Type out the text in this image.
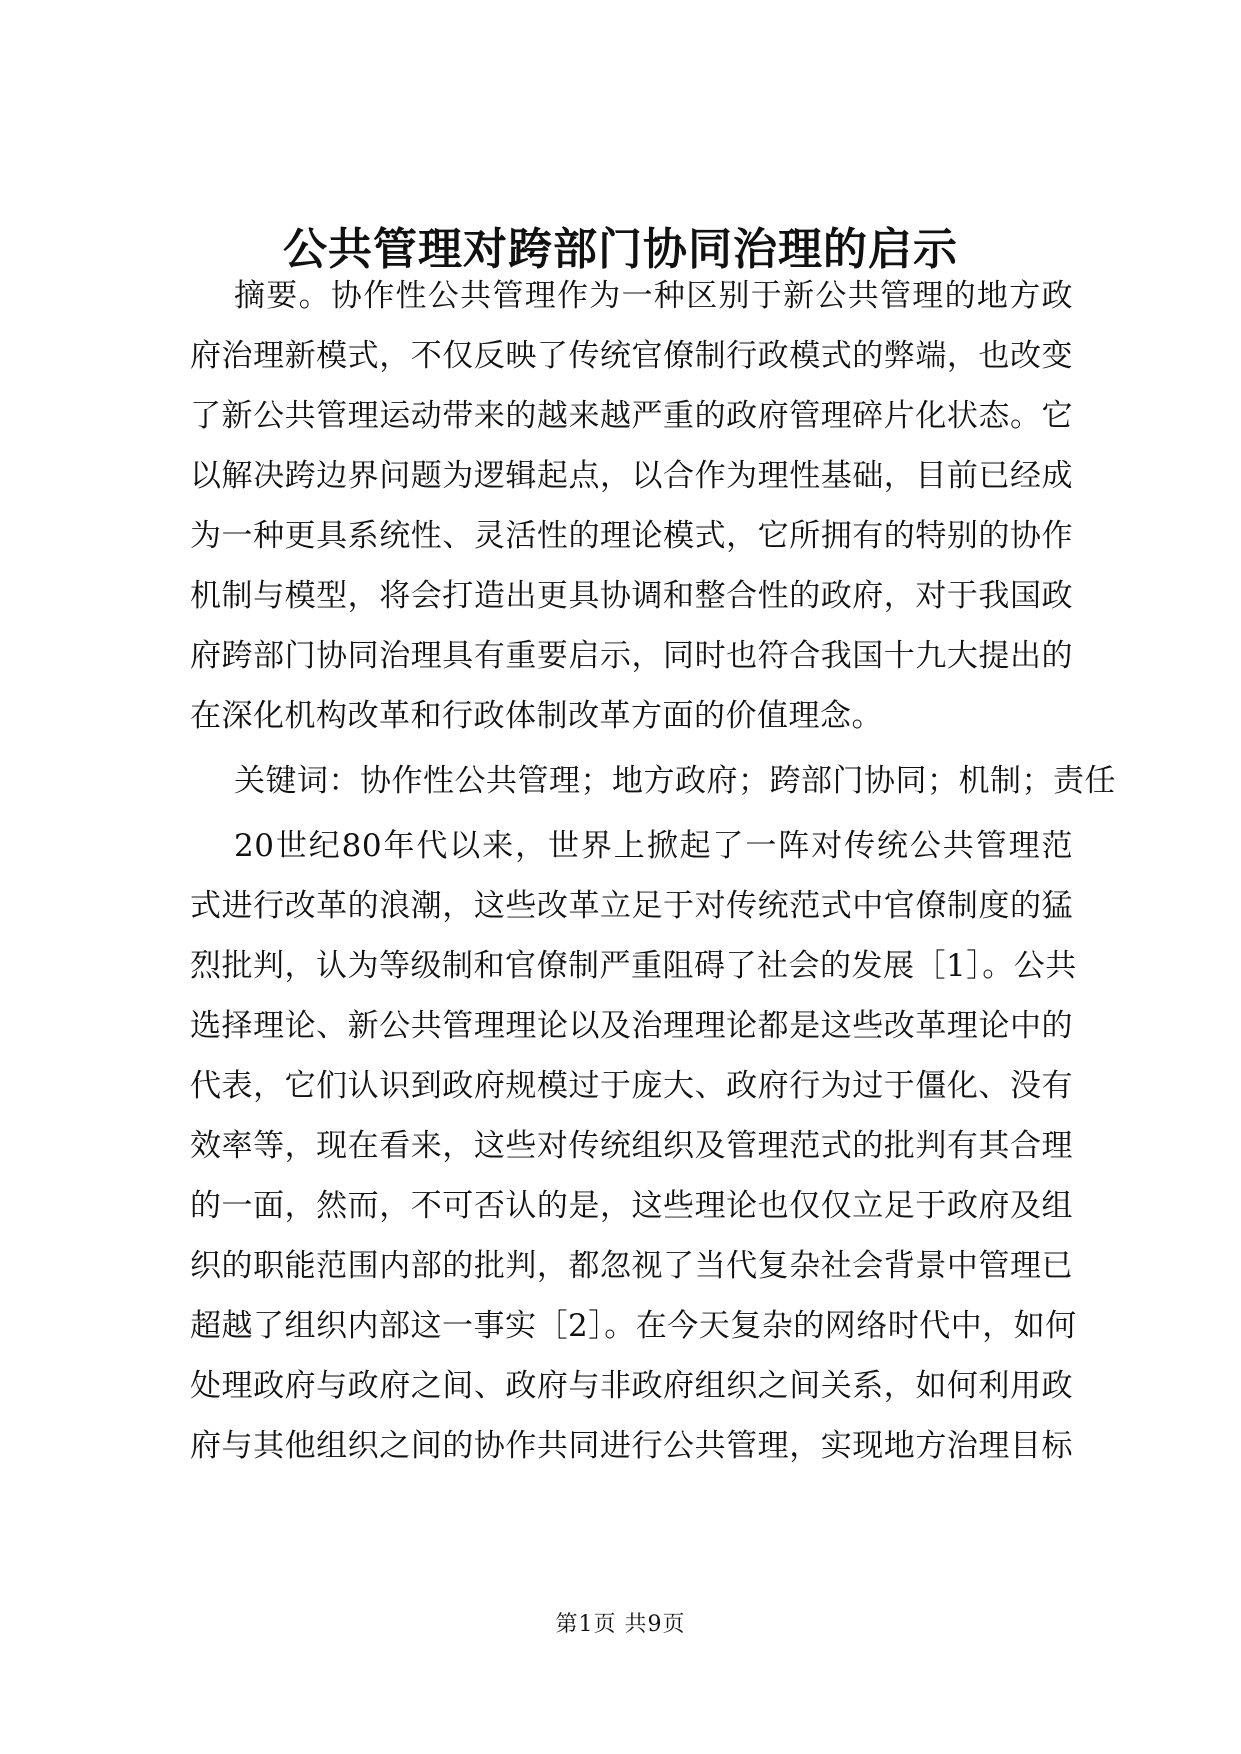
公共管理对跨部门协同治理的启示
摘要。协作性公共管理作为一种区别于新公共管理的地方政
府治理新模式，不仅反映了传统官僚制行政模式的弊端，也改变
了新公共管理运动带来的越来越严重的政府管理碎片化状态。它
以解决跨边界问题为逻辑起点，以合作为理性基础，目前已经成
为一种更具系统性、灵活性的理论模式，它所拥有的特别的协作
机制与模型，将会打造出更具协调和整合性的政府，对于我国政
府跨部门协同治理具有重要启示，同时也符合我国十九大提出的
在深化机构改革和行政体制改革方面的价值理念。
关键词：协作性公共管理；地方政府；跨部门协同；机制；责任
20世纪80年代以来，世界上掀起了一阵对传统公共管理范
式进行改革的浪潮，这些改革立足于对传统范式中官僚制度的猛
烈批判，认为等级制和官僚制严重阻碍了社会的发展［1］。公共
选择理论、新公共管理理论以及治理理论都是这些改革理论中的
代表，它们认识到政府规模过于庞大、政府行为过于僵化、没有
效率等，现在看来，这些对传统组织及管理范式的批判有其合理
的一面，然而，不可否认的是，这些理论也仅仅立足于政府及组
织的职能范围内部的批判，都忽视了当代复杂社会背景中管理已
超越了组织内部这一事实［2］。在今天复杂的网络时代中，如何
处理政府与政府之间、政府与非政府组织之间关系，如何利用政
府与其他组织之间的协作共同进行公共管理，实现地方治理目标
第1页 共9页
